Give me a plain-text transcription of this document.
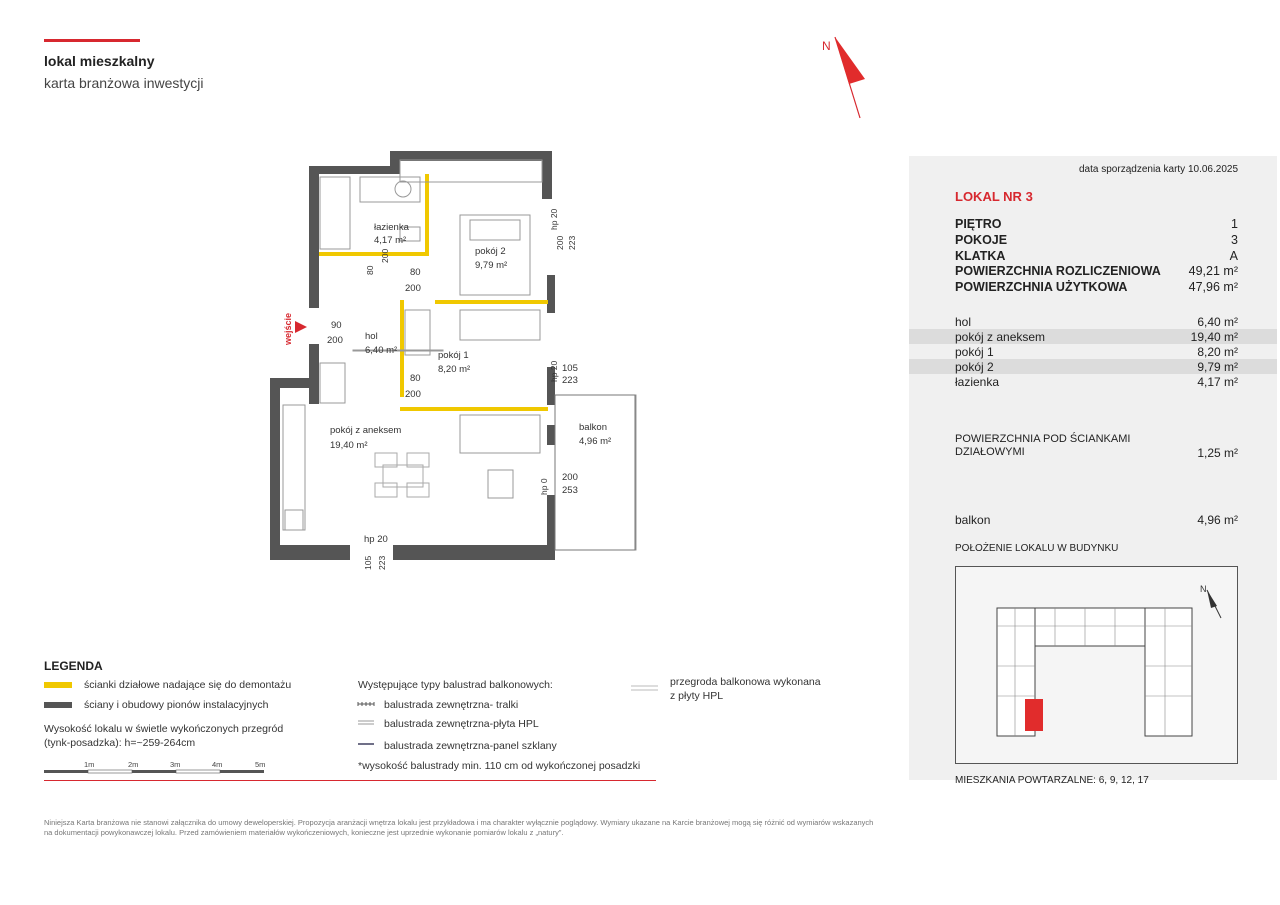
lokal mieszkalny
karta branżowa inwestycji
N
łazienka
4,17 m²
pokój 2
9,79 m²
hol
6,40 m²	pokój 1
8,20 m²
pokój z aneksem
19,40 m²
balkon
4,96 m²
90
200
80
200
80
200
105
223
200
253
hp 20
hp 20
hp 20
hp 0
105 223
200
80
223
200
wejście
data sporządzenia karty 10.06.2025
LOKAL NR 3
PIĘTRO	1
POKOJE	3
KLATKA	A
POWIERZCHNIA ROZLICZENIOWA 49,21 m²
POWIERZCHNIA UŻYTKOWA	47,96 m²
hol	6,40 m²
pokój z aneksem	19,40 m²
pokój 1	8,20 m²
pokój 2	9,79 m²
łazienka	4,17 m²
POWIERZCHNIA POD ŚCIANKAMI
DZIAŁOWYMI	1,25 m²
balkon	4,96 m²
POŁOŻENIE LOKALU W BUDYNKU
N
MIESZKANIA POWTARZALNE: 6, 9, 12, 17
LEGENDA
ścianki działowe nadające się do demontażu
ściany i obudowy pionów instalacyjnych
Wysokość lokalu w świetle wykończonych przegród
(tynk-posadzka): h=~259-264cm
1m	2m	3m	4m	5m
Występujące typy balustrad balkonowych:
balustrada zewnętrzna- tralki
balustrada zewnętrzna-płyta HPL
balustrada zewnętrzna-panel szklany
*wysokość balustrady min. 110 cm od wykończonej posadzki
przegroda balkonowa wykonana
z płyty HPL
Niniejsza Karta branżowa nie stanowi załącznika do umowy deweloperskiej. Propozycja aranżacji wnętrza lokalu jest przykładowa i ma charakter wyłącznie poglądowy. Wymiary ukazane na Karcie branżowej mogą się różnić od wymiarów wskazanych na dokumentacji powykonawczej lokalu. Przed zamówieniem materiałów wykończeniowych, konieczne jest uprzednie wykonanie pomiarów lokalu z „natury”.
